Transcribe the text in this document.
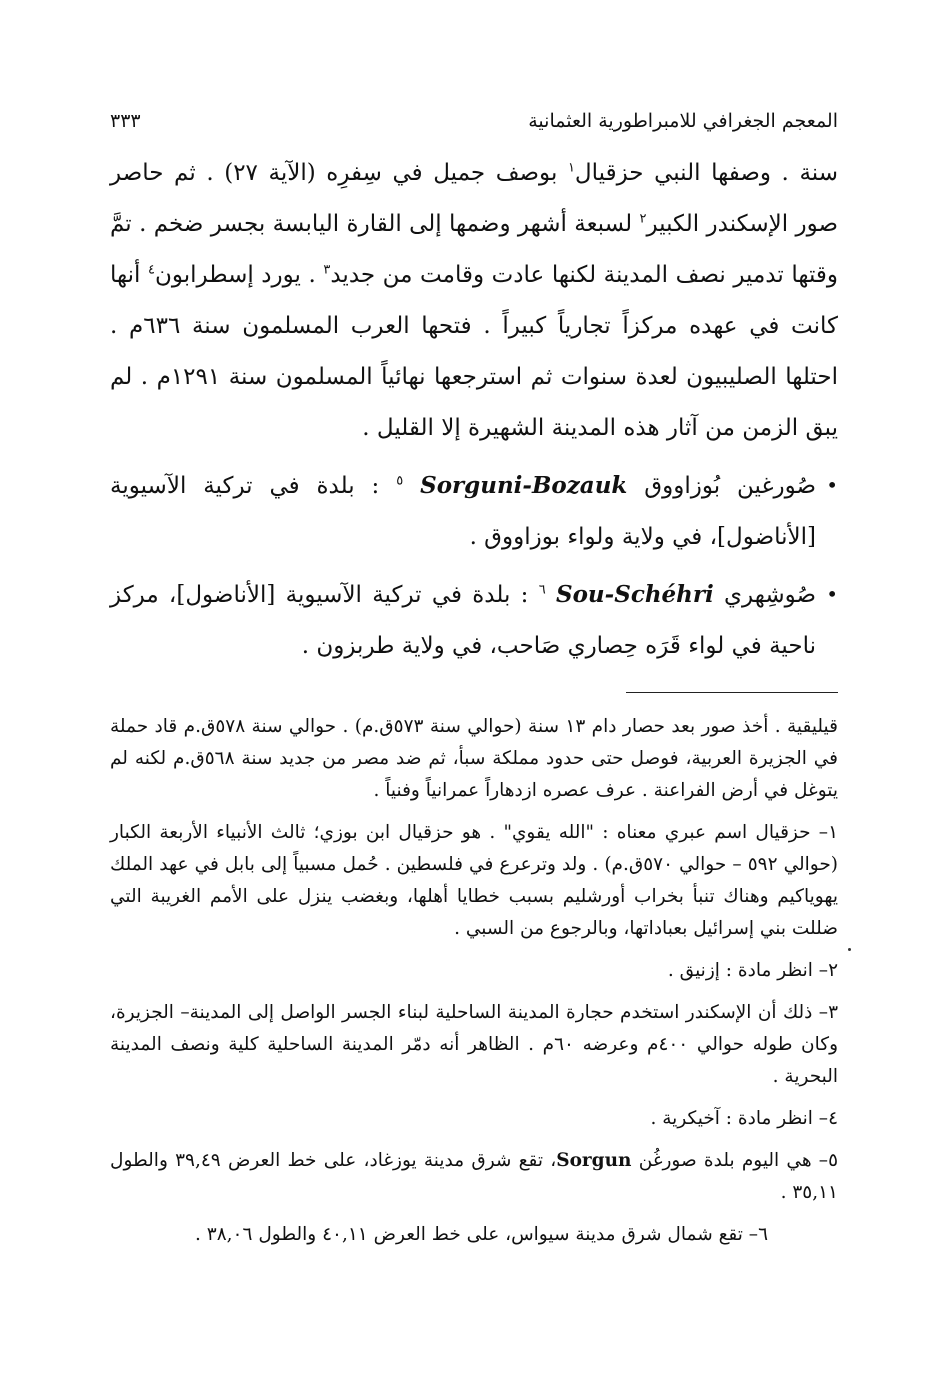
المعجم الجغرافي للامبراطورية العثمانية
٣٣٣

سنة . وصفها النبي حزقيال$^١$ بوصف جميل في سِفرِه (الآية ٢٧) . ثم حاصر صور الإسكندر الكبير$^٢$ لسبعة أشهر وضمها إلى القارة اليابسة بجسر ضخم . تمَّ وقتها تدمير نصف المدينة لكنها عادت وقامت من جديد$^٣$ . يورد إسطرابون$^٤$ أنها كانت في عهده مركزاً تجارياً كبيراً . فتحها العرب المسلمون سنة ٦٣٦م . احتلها الصليبيون لعدة سنوات ثم استرجعها نهائياً المسلمون سنة ١٢٩١م . لم يبق الزمن من آثار هذه المدينة الشهيرة إلا القليل .

•
صُورغين بُوزاووق Sorguni-Bozauk $^٥$ : بلدة في تركية الآسيوية [الأناضول]، في ولاية ولواء بوزاووق .
•
صُوشِهري Sou-Schéhri $^٦$ : بلدة في تركية الآسيوية [الأناضول]، مركز ناحية في لواء قَرَه حِصاري صَاحب، في ولاية طربزون .

قيليقية . أخذ صور بعد حصار دام ١٣ سنة (حوالي سنة ٥٧٣ق.م) . حوالي سنة ٥٧٨ق.م قاد حملة في الجزيرة العربية، فوصل حتى حدود مملكة سبأ، ثم ضد مصر من جديد سنة ٥٦٨ق.م لكنه لم يتوغل في أرض الفراعنة . عرف عصره ازدهاراً عمرانياً وفنياً .

١– حزقيال اسم عبري معناه : "الله يقوي" . هو حزقيال ابن بوزي؛ ثالث الأنبياء الأربعة الكبار (حوالي ٥٩٢ – حوالي ٥٧٠ق.م) . ولد وترعرع في فلسطين . حُمل مسبياً إلى بابل في عهد الملك يهوياكيم وهناك تنبأ بخراب أورشليم بسبب خطايا أهلها، وبغضب ينزل على الأمم الغريبة التي ضللت بني إسرائيل بعباداتها، وبالرجوع من السبي .

٢– انظر مادة : إزنيق .

٣– ذلك أن الإسكندر استخدم حجارة المدينة الساحلية لبناء الجسر الواصل إلى المدينة– الجزيرة، وكان طوله حوالي ٤٠٠م وعرضه ٦٠م . الظاهر أنه دمّر المدينة الساحلية كلية ونصف المدينة البحرية .

٤– انظر مادة : آخيكرية .

٥– هي اليوم بلدة صورغُن Sorgun، تقع شرق مدينة يوزغاد، على خط العرض ٣٩,٤٩ والطول ٣٥,١١ .

٦– تقع شمال شرق مدينة سيواس، على خط العرض ٤٠,١١ والطول ٣٨,٠٦ .
